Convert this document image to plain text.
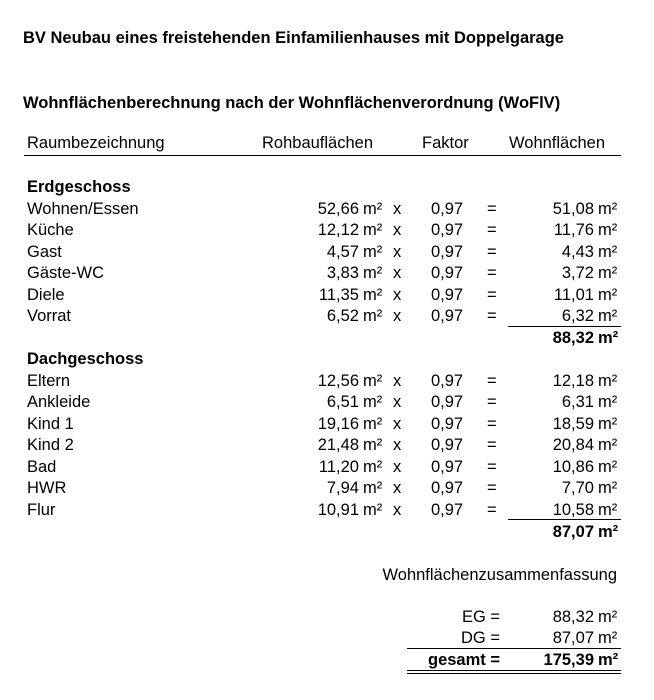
BV Neubau eines freistehenden Einfamilienhauses mit Doppelgarage
Wohnflächenberechnung nach der Wohnflächenverordnung (WoFlV)
Raumbezeichnung	Rohbauflächen	Faktor Wohnflächen
Erdgeschoss
Wohnen/Essen	52,66 m² x 0,97 =	51,08 m²
Küche	12,12 m² x 0,97 =	11,76 m²
Gast	4,57 m² x 0,97 =	4,43 m²
Gäste-WC	3,83 m² x 0,97 =	3,72 m²
Diele	11,35 m² x 0,97 =	11,01 m²
Vorrat	6,52 m² x 0,97 =	6,32 m²
88,32 m²
Dachgeschoss
Eltern	12,56 m² x 0,97 =	12,18 m²
Ankleide	6,51 m² x 0,97 =	6,31 m²
Kind 1	19,16 m² x 0,97 =	18,59 m²
Kind 2	21,48 m² x 0,97 =	20,84 m²
Bad	11,20 m² x 0,97 =	10,86 m²
HWR	7,94 m² x 0,97 =	7,70 m²
Flur	10,91 m² x 0,97 =	10,58 m²
87,07 m²
Wohnflächenzusammenfassung
EG =	88,32 m²
DG =	87,07 m²
gesamt =	175,39 m²
